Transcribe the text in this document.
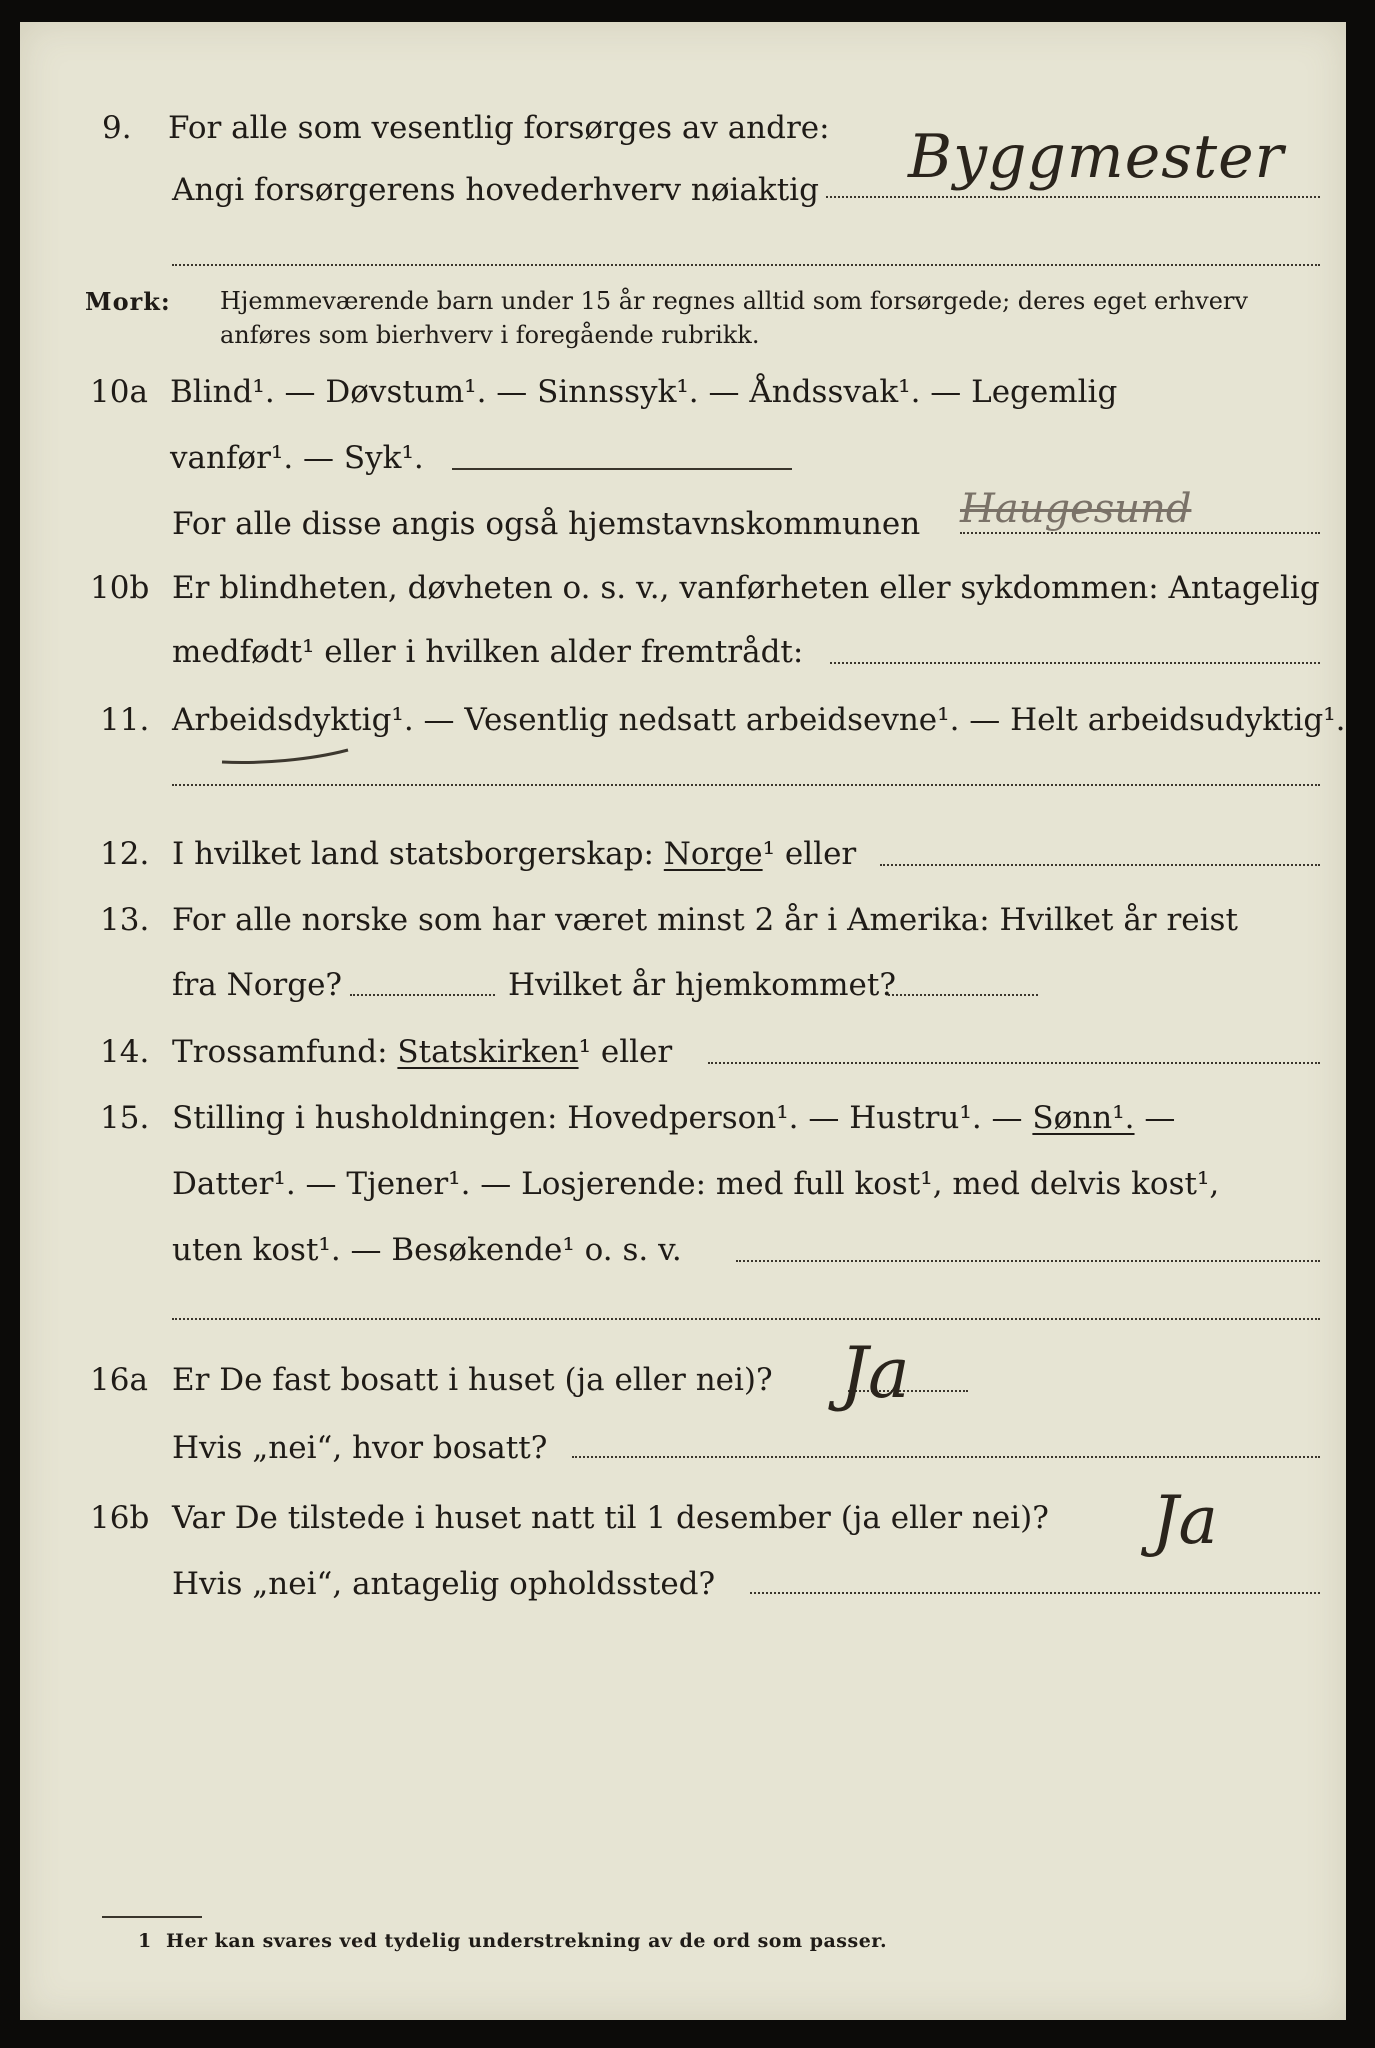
9. For alle som vesentlig forsørges av andre:
Angi forsørgerens hovederhverv nøiaktig Byggmester
Mork: Hjemmeværende barn under 15 år regnes alltid som forsørgede; deres eget erhverv
anføres som bierhverv i foregående rubrikk.
10a Blind¹. — Døvstum¹. — Sinnssyk¹. — Åndssvak¹. — Legemlig
vanfør¹. — Syk¹.
For alle disse angis også hjemstavnskommunen Haugesund
10b Er blindheten, døvheten o. s. v., vanførheten eller sykdommen: Antagelig
medfødt¹ eller i hvilken alder fremtrådt:
11. Arbeidsdyktig¹. — Vesentlig nedsatt arbeidsevne¹. — Helt arbeidsudyktig¹.
12. I hvilket land statsborgerskap: Norge¹ eller
13. For alle norske som har været minst 2 år i Amerika: Hvilket år reist
fra Norge?	Hvilket år hjemkommet?
14. Trossamfund: Statskirken¹ eller
15. Stilling i husholdningen: Hovedperson¹. — Hustru¹. — Sønn¹. —
Datter¹. — Tjener¹. — Losjerende: med full kost¹, med delvis kost¹,
uten kost¹. — Besøkende¹ o. s. v.
16a Er De fast bosatt i huset (ja eller nei)? Ja
Hvis „nei“, hvor bosatt?
16b Var De tilstede i huset natt til 1 desember (ja eller nei)? Ja
Hvis „nei“, antagelig opholdssted?
1 Her kan svares ved tydelig understrekning av de ord som passer.
